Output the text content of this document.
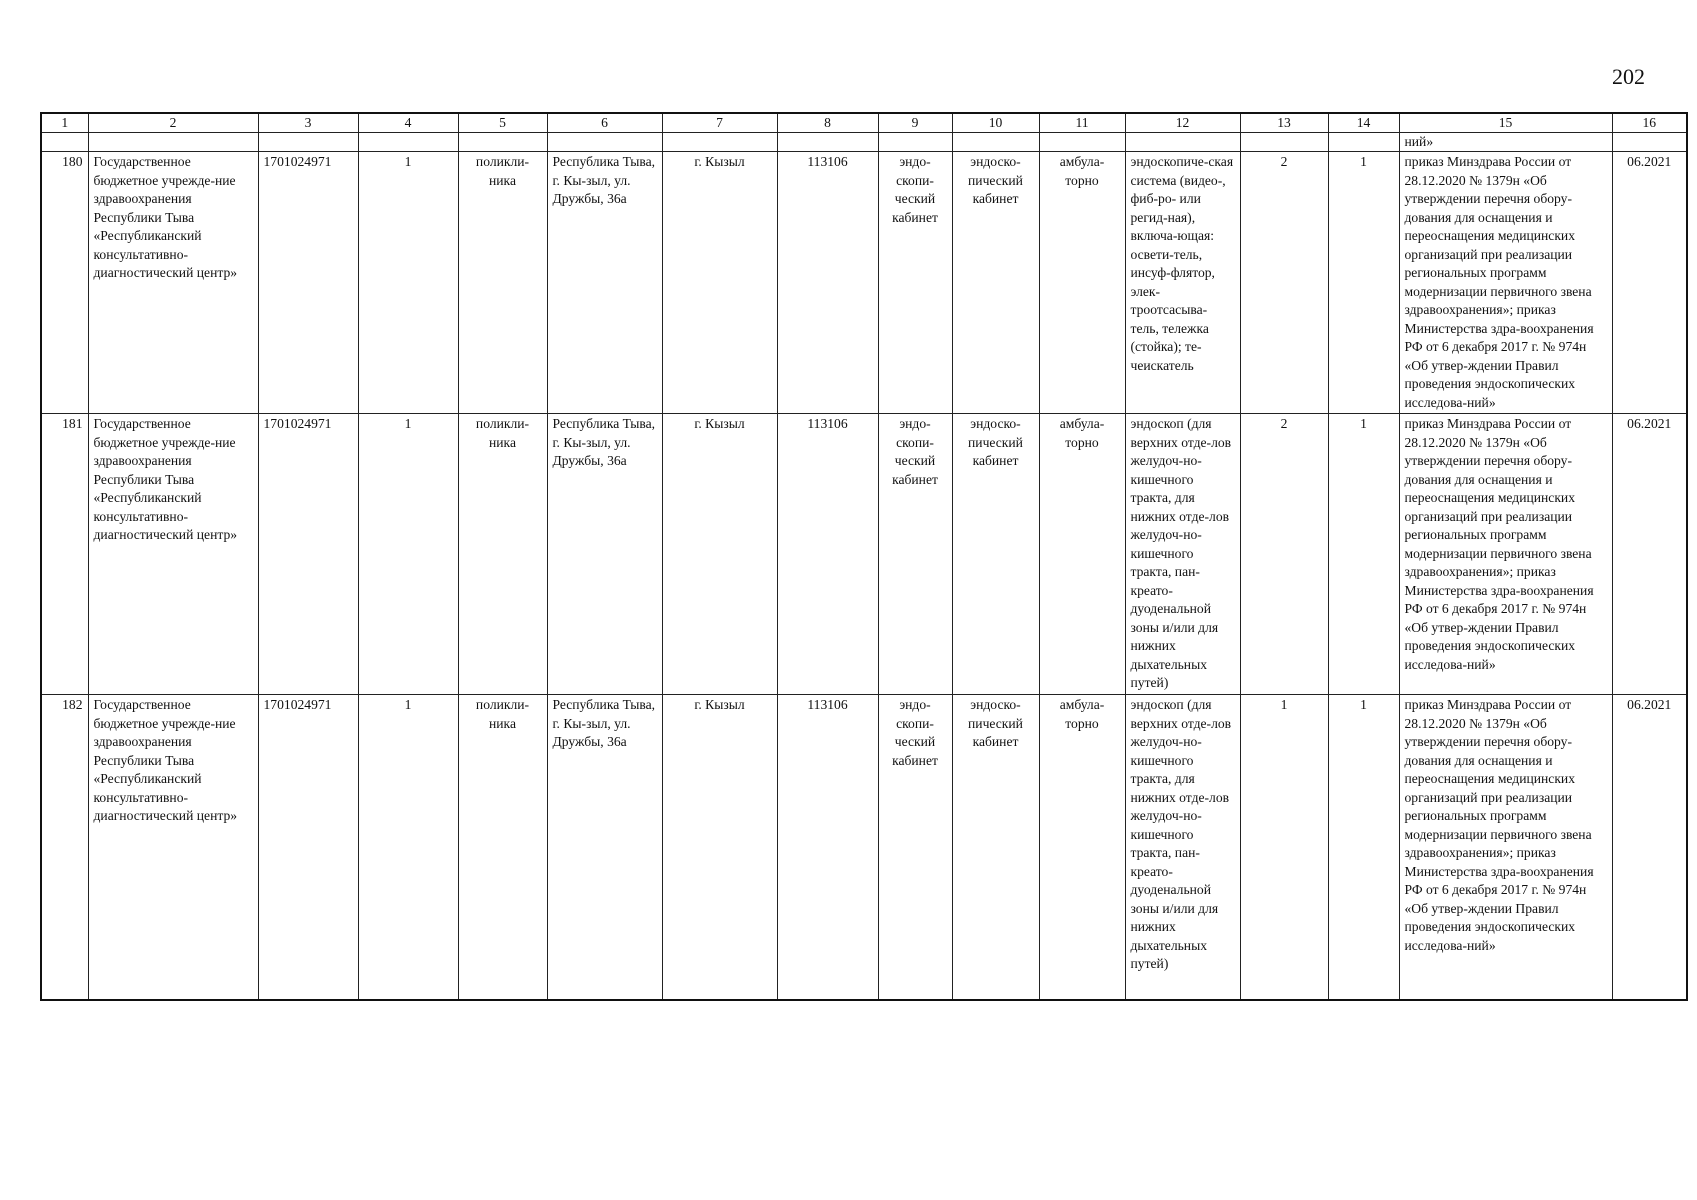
202
1	2	3	4	5	6	7	8	9	10	11	12	13	14	15	16
														ний»	
180	Государственное бюджетное учрежде-ние здравоохранения Республики Тыва «Республиканский консультативно-диагностический центр»	1701024971	1	поликли-ника	Республика Тыва, г. Кы-зыл, ул. Дружбы, 36а	г. Кызыл	113106	эндо-скопи-ческий кабинет	эндоско-пический кабинет	амбула-торно	эндоскопиче-ская система (видео-, фиб-ро- или регид-ная), включа-ющая: освети-тель, инсуф-флятор, элек-троотсасыва-тель, тележка (стойка); те-чеискатель	2	1	приказ Минздрава России от 28.12.2020 № 1379н «Об утверждении перечня обору-дования для оснащения и переоснащения медицинских организаций при реализации региональных программ модернизации первичного звена здравоохранения»; приказ Министерства здра-воохранения РФ от 6 декабря 2017 г. № 974н «Об утвер-ждении Правил проведения эндоскопических исследова-ний»	06.2021
181	Государственное бюджетное учрежде-ние здравоохранения Республики Тыва «Республиканский консультативно-диагностический центр»	1701024971	1	поликли-ника	Республика Тыва, г. Кы-зыл, ул. Дружбы, 36а	г. Кызыл	113106	эндо-скопи-ческий кабинет	эндоско-пический кабинет	амбула-торно	эндоскоп (для верхних отде-лов желудоч-но-кишечного тракта, для нижних отде-лов желудоч-но-кишечного тракта, пан-креато-дуоденальной зоны и/или для нижних дыхательных путей)	2	1	приказ Минздрава России от 28.12.2020 № 1379н «Об утверждении перечня обору-дования для оснащения и переоснащения медицинских организаций при реализации региональных программ модернизации первичного звена здравоохранения»; приказ Министерства здра-воохранения РФ от 6 декабря 2017 г. № 974н «Об утвер-ждении Правил проведения эндоскопических исследова-ний»	06.2021
182	Государственное бюджетное учрежде-ние здравоохранения Республики Тыва «Республиканский консультативно-диагностический центр»	1701024971	1	поликли-ника	Республика Тыва, г. Кы-зыл, ул. Дружбы, 36а	г. Кызыл	113106	эндо-скопи-ческий кабинет	эндоско-пический кабинет	амбула-торно	эндоскоп (для верхних отде-лов желудоч-но-кишечного тракта, для нижних отде-лов желудоч-но-кишечного тракта, пан-креато-дуоденальной зоны и/или для нижних дыхательных путей)	1	1	приказ Минздрава России от 28.12.2020 № 1379н «Об утверждении перечня обору-дования для оснащения и переоснащения медицинских организаций при реализации региональных программ модернизации первичного звена здравоохранения»; приказ Министерства здра-воохранения РФ от 6 декабря 2017 г. № 974н «Об утвер-ждении Правил проведения эндоскопических исследова-ний»	06.2021
